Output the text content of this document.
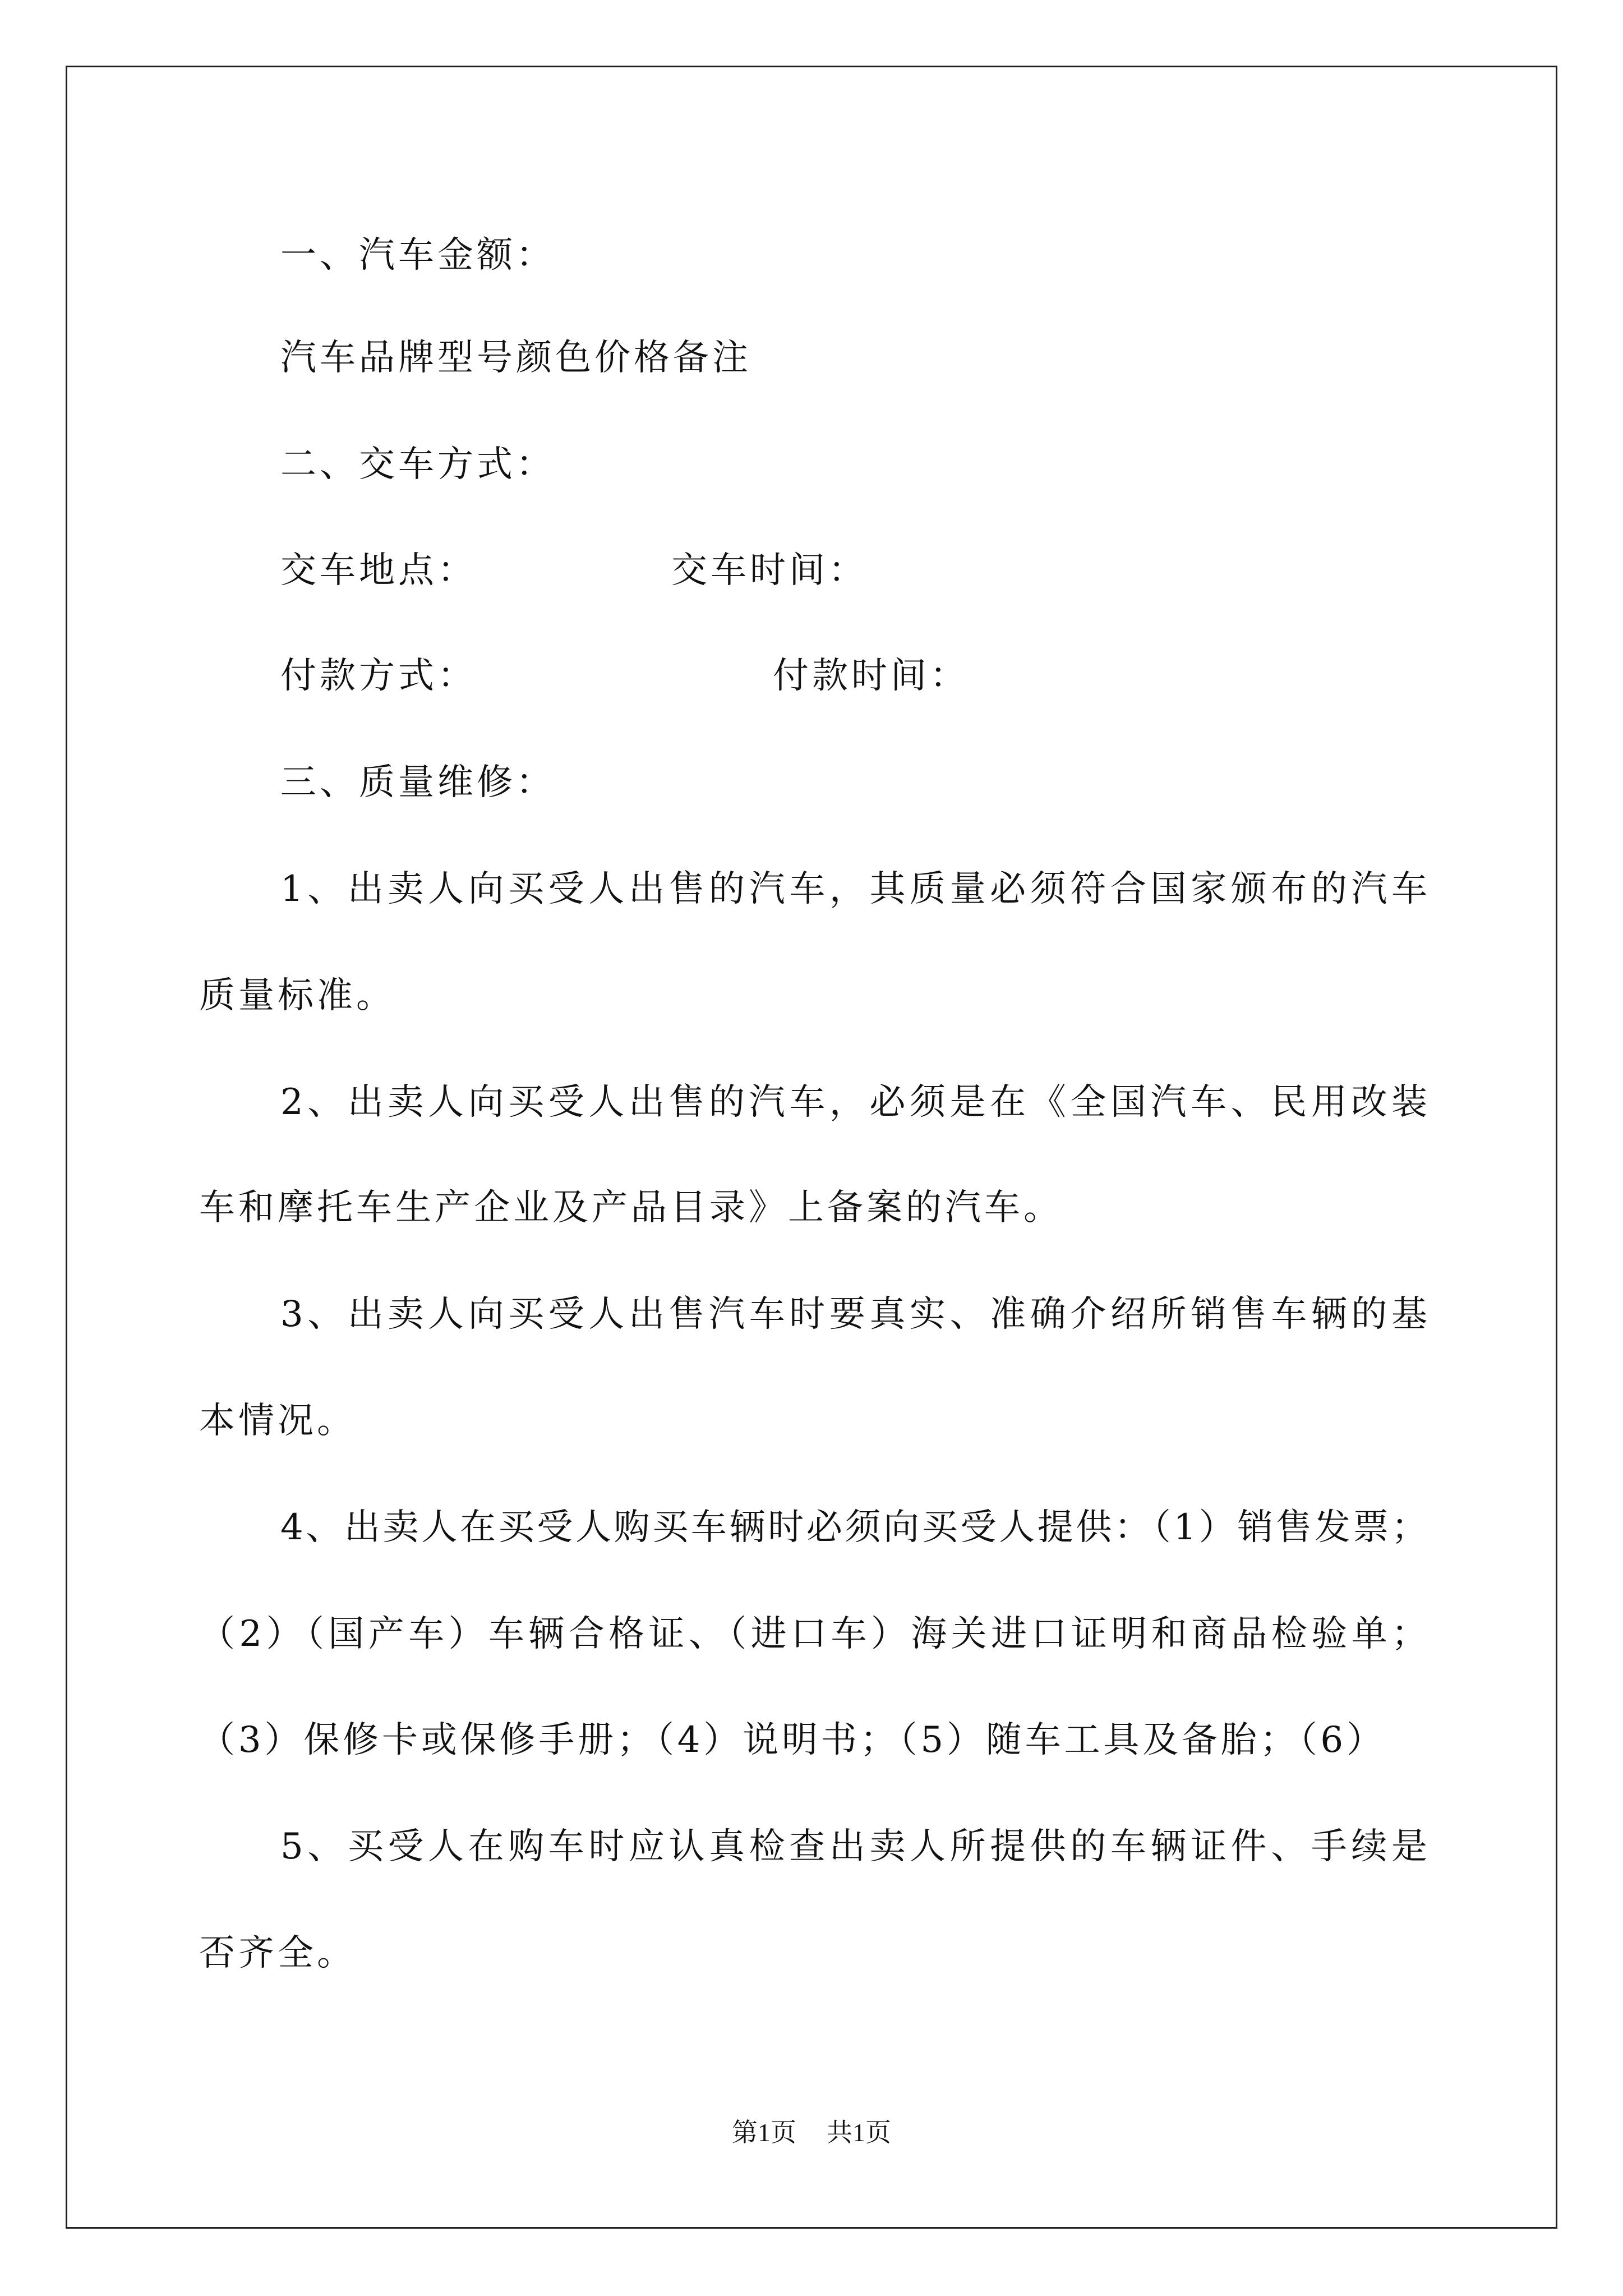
一、汽车金额：
汽车品牌型号颜色价格备注
二、交车方式：
交车地点：	交车时间：
付款方式：	付款时间：
三、质量维修：
1、出卖人向买受人出售的汽车，其质量必须符合国家颁布的汽车
质量标准。
2、出卖人向买受人出售的汽车，必须是在《全国汽车、民用改装
车和摩托车生产企业及产品目录》上备案的汽车。
3、出卖人向买受人出售汽车时要真实、准确介绍所销售车辆的基
本情况。
4、出卖人在买受人购买车辆时必须向买受人提供：（1）销售发票；
（2）（国产车）车辆合格证、（进口车）海关进口证明和商品检验单；
（3）保修卡或保修手册；（4）说明书；（5）随车工具及备胎；（6）
5、买受人在购车时应认真检查出卖人所提供的车辆证件、手续是
否齐全。
第1页 共1页
